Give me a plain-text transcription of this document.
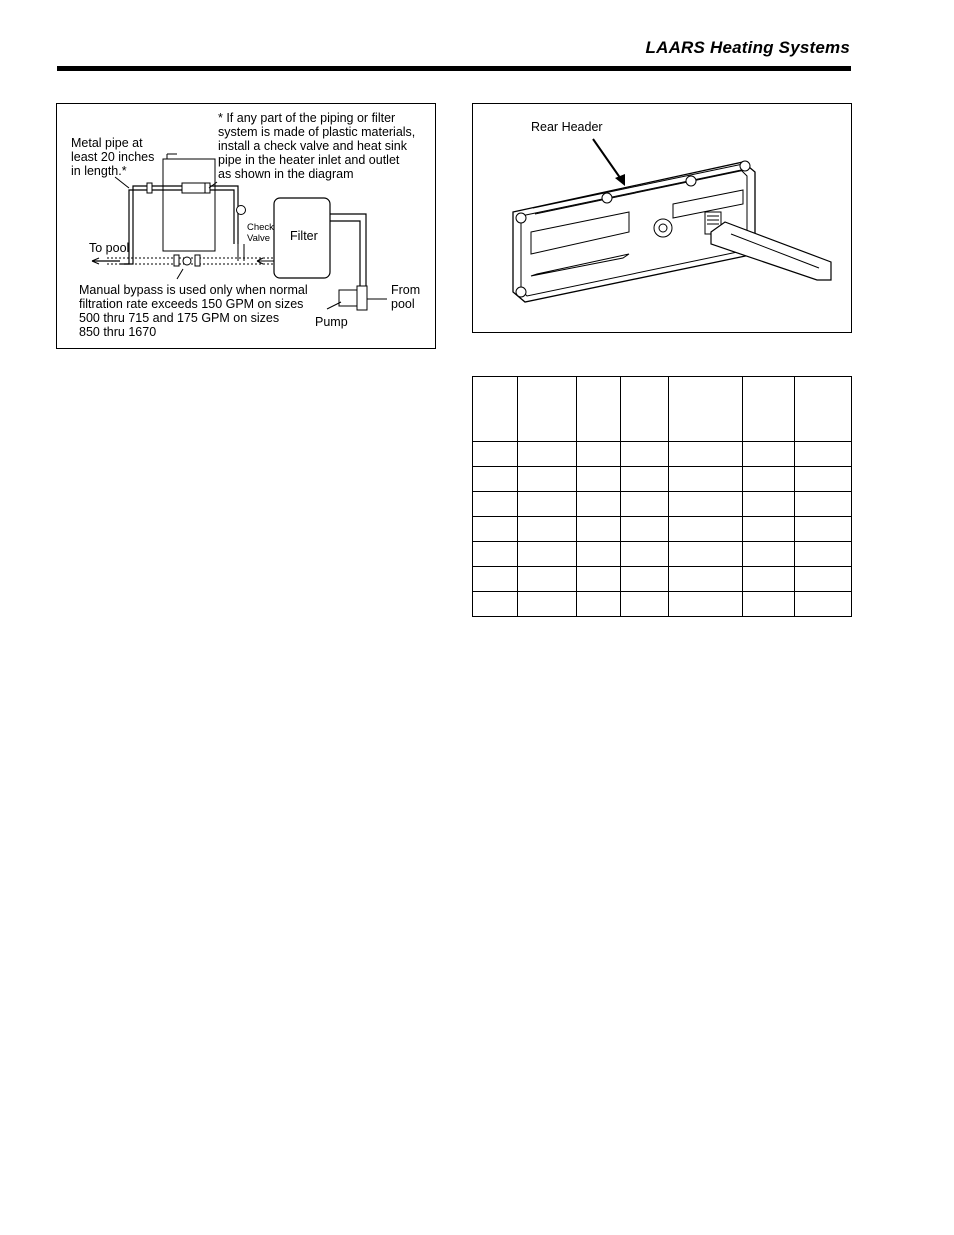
LAARS Heating Systems
* If any part of the piping or filter
system is made of plastic materials,
install a check valve and heat sink
pipe in the heater inlet and outlet
as shown in the diagram
Metal pipe at
least 20 inches
in length.*
Check
Valve Filter
To pool
From
pool
Pump
Manual bypass is used only when normal
filtration rate exceeds 150 GPM on sizes
500 thru 715 and 175 GPM on sizes
850 thru 1670
Rear Header
